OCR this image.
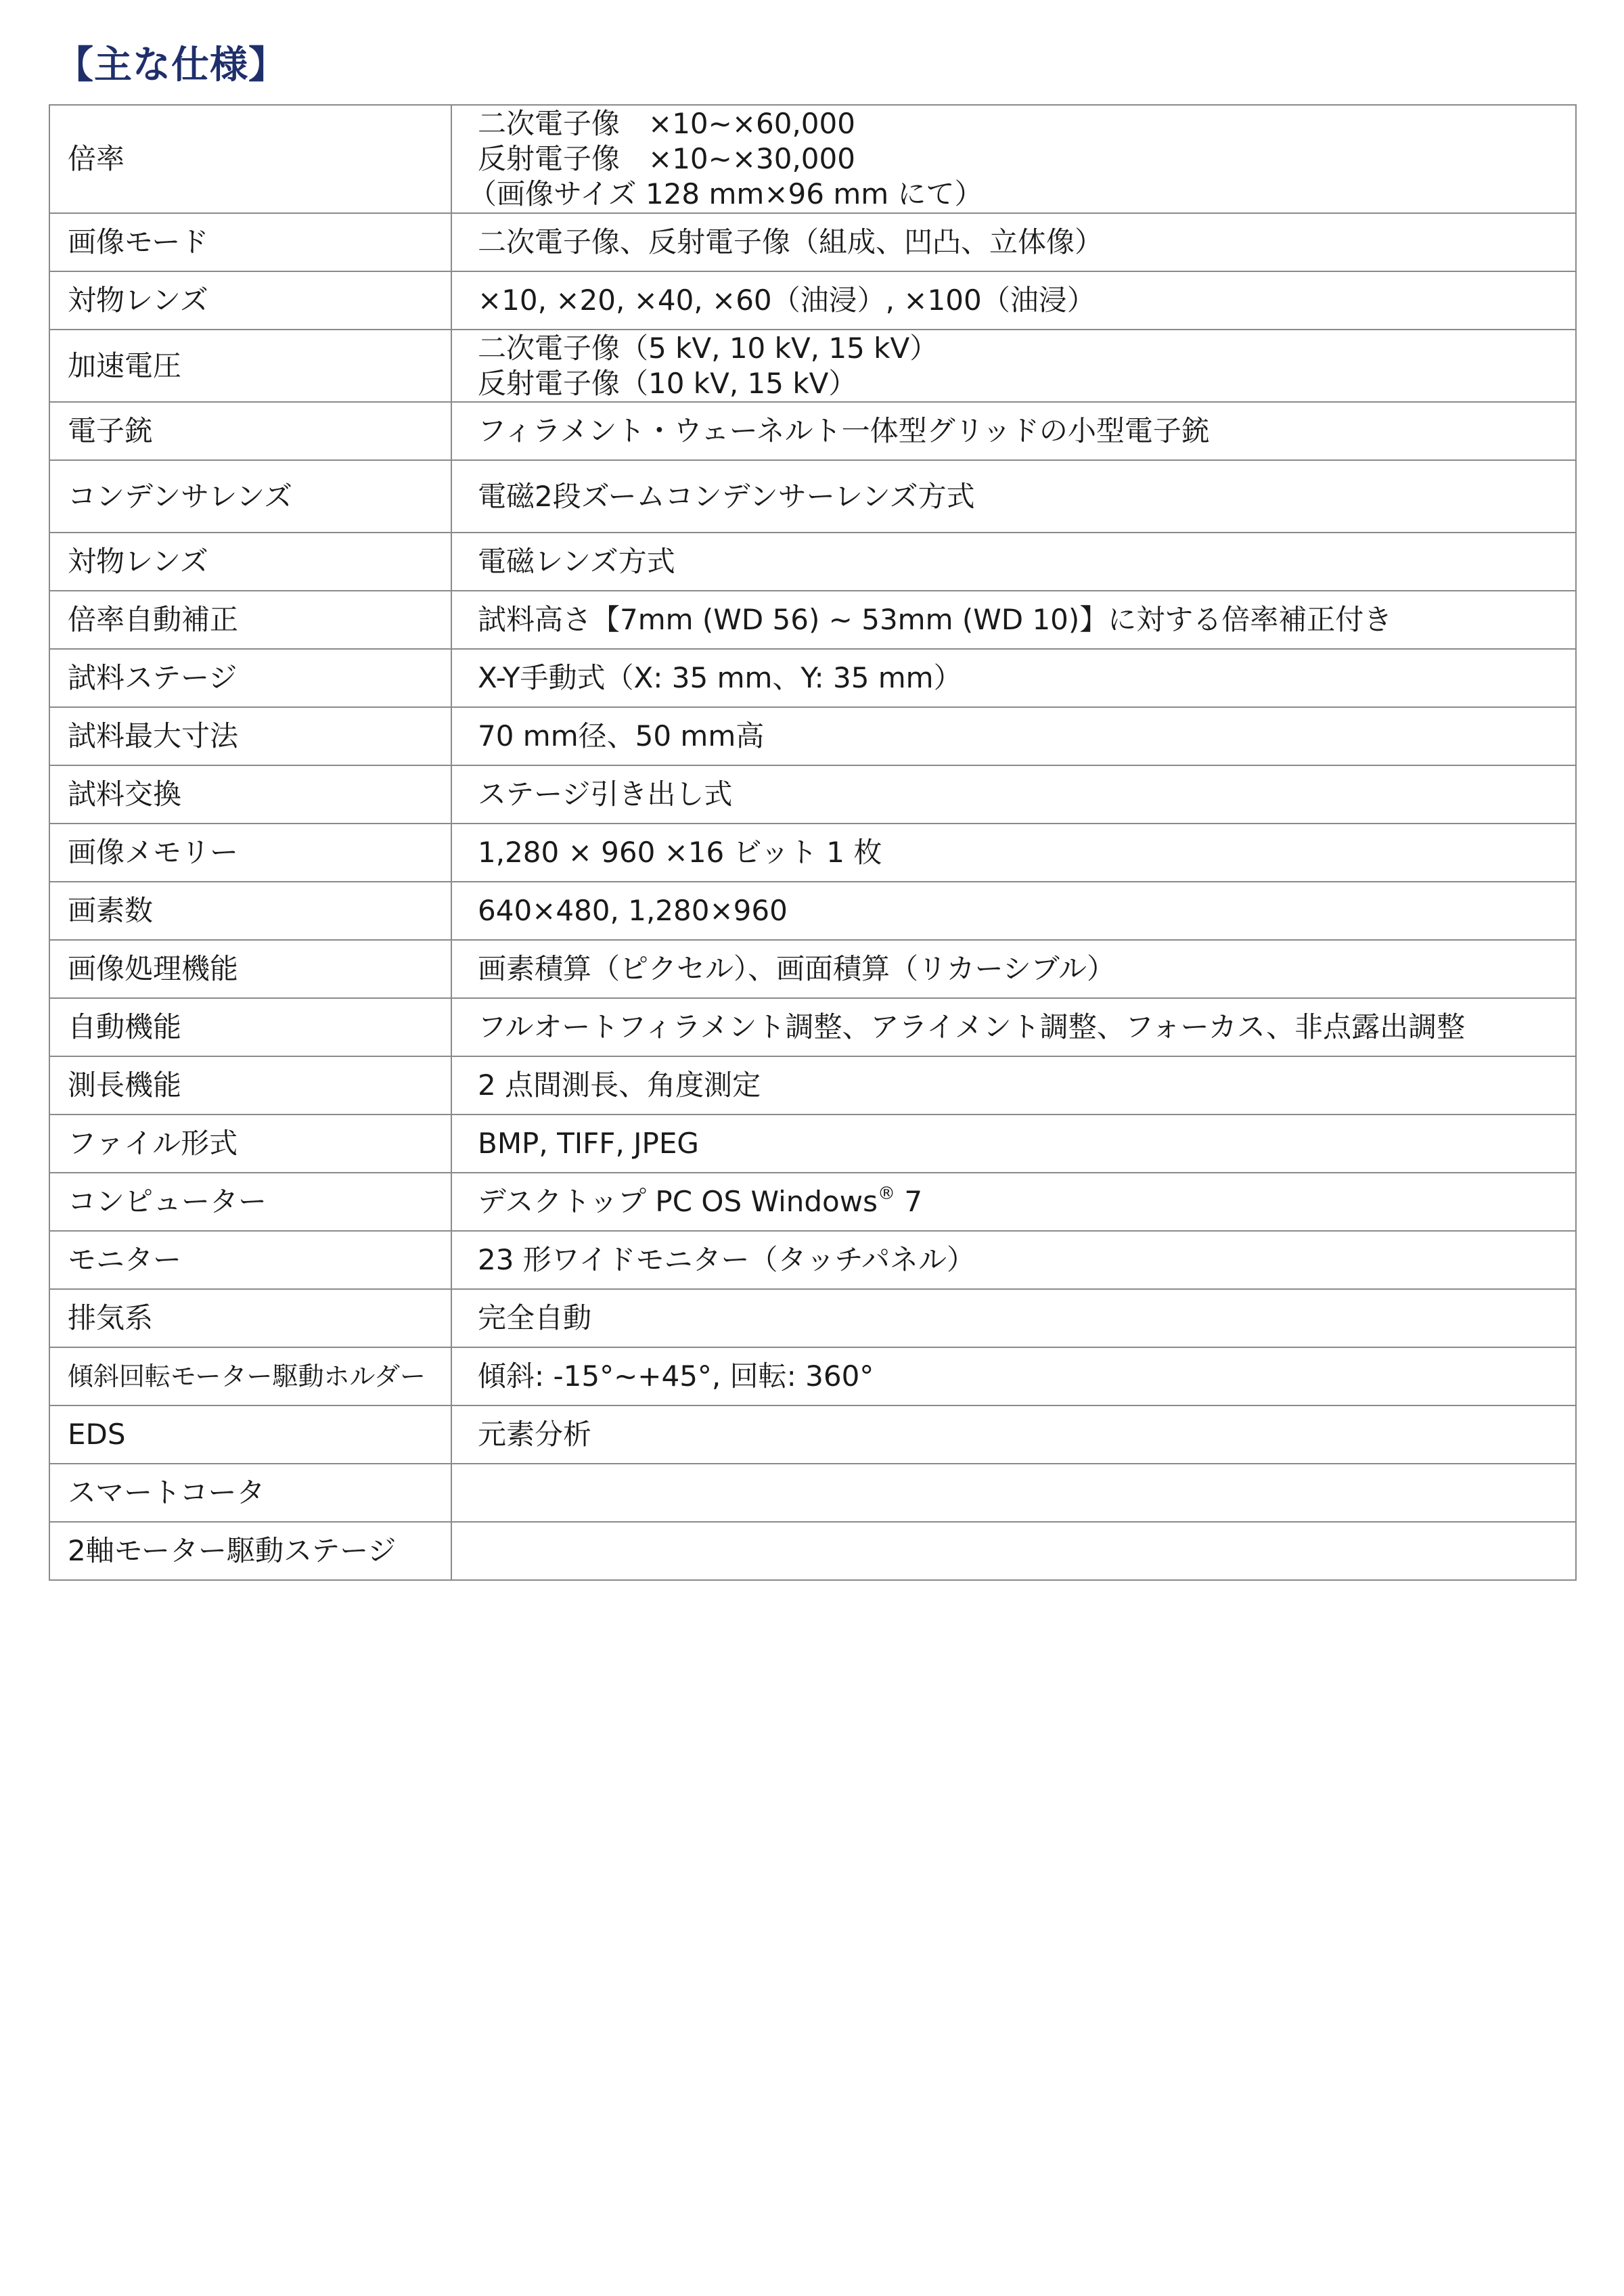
【主な仕様】
倍率	二次電子像　×10~×60,000
反射電子像　×10~×30,000
（画像サイズ 128 mm×96 mm にて）

画像モード	二次電子像、反射電子像（組成、凹凸、立体像）

対物レンズ	×10, ×20, ×40, ×60（油浸）, ×100（油浸）

加速電圧	二次電子像（5 kV, 10 kV, 15 kV）
反射電子像（10 kV, 15 kV）

電子銃	フィラメント・ウェーネルト一体型グリッドの小型電子銃

コンデンサレンズ	電磁2段ズームコンデンサーレンズ方式

対物レンズ	電磁レンズ方式

倍率自動補正	試料高さ【7mm (WD 56) ~ 53mm (WD 10)】に対する倍率補正付き

試料ステージ	X-Y手動式（X: 35 mm、Y: 35 mm）

試料最大寸法	70 mm径、50 mm高

試料交換	ステージ引き出し式

画像メモリー	1,280 × 960 ×16 ビット 1 枚

画素数	640×480, 1,280×960

画像処理機能	画素積算（ピクセル）、画面積算（リカーシブル）

自動機能	フルオートフィラメント調整、アライメント調整、フォーカス、非点露出調整

測長機能	2 点間測長、角度測定

ファイル形式	BMP, TIFF, JPEG

コンピューター	デスクトップ PC OS Windows® 7
モニター	23 形ワイドモニター（タッチパネル）

排気系	完全自動

傾斜回転モーター駆動ホルダー	傾斜: -15°~+45°, 回転: 360°

EDS	元素分析

スマートコータ	
2軸モーター駆動ステージ	
